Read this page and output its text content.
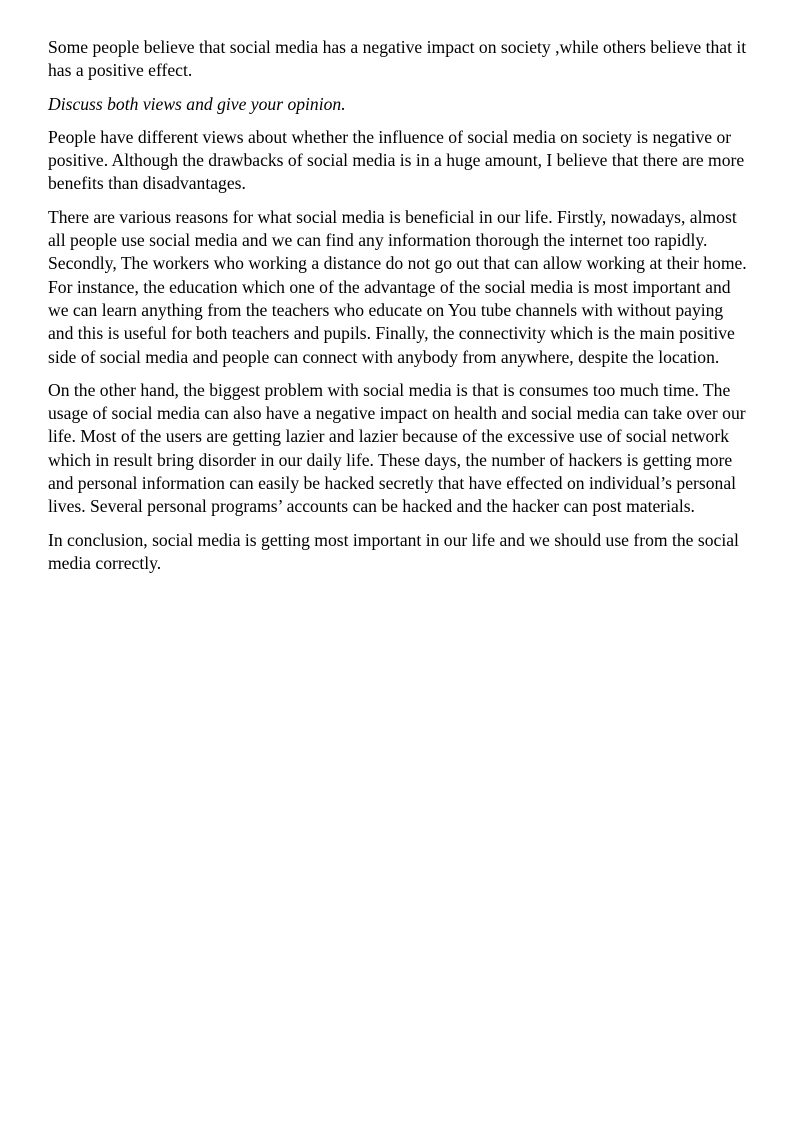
Some people believe that social media has a negative impact on society ,while others believe that it has a positive effect.

Discuss both views and give your opinion.

People have different views about whether the influence of social media on society is negative or positive. Although the drawbacks of social media is in a huge amount, I believe that there are more benefits than disadvantages.

There are various reasons for what social media is beneficial in our life. Firstly, nowadays, almost all people use social media and we can find any information thorough the internet too rapidly. Secondly, The workers who working a distance do not go out that can allow working at their home. For instance, the education which one of the advantage of the social media is most important and we can learn anything from the teachers who educate on You tube channels with without paying and this is useful for both teachers and pupils. Finally, the connectivity which is the main positive side of social media and people can connect with anybody from anywhere, despite the location.

On the other hand, the biggest problem with social media is that is consumes too much time. The usage of social media can also have a negative impact on health and social media can take over our life. Most of the users are getting lazier and lazier because of the excessive use of social network which in result bring disorder in our daily life. These days, the number of hackers is getting more and personal information can easily be hacked secretly that have effected on individual’s personal lives. Several personal programs’ accounts can be hacked and the hacker can post materials.

In conclusion, social media is getting most important in our life and we should use from the social media correctly.
